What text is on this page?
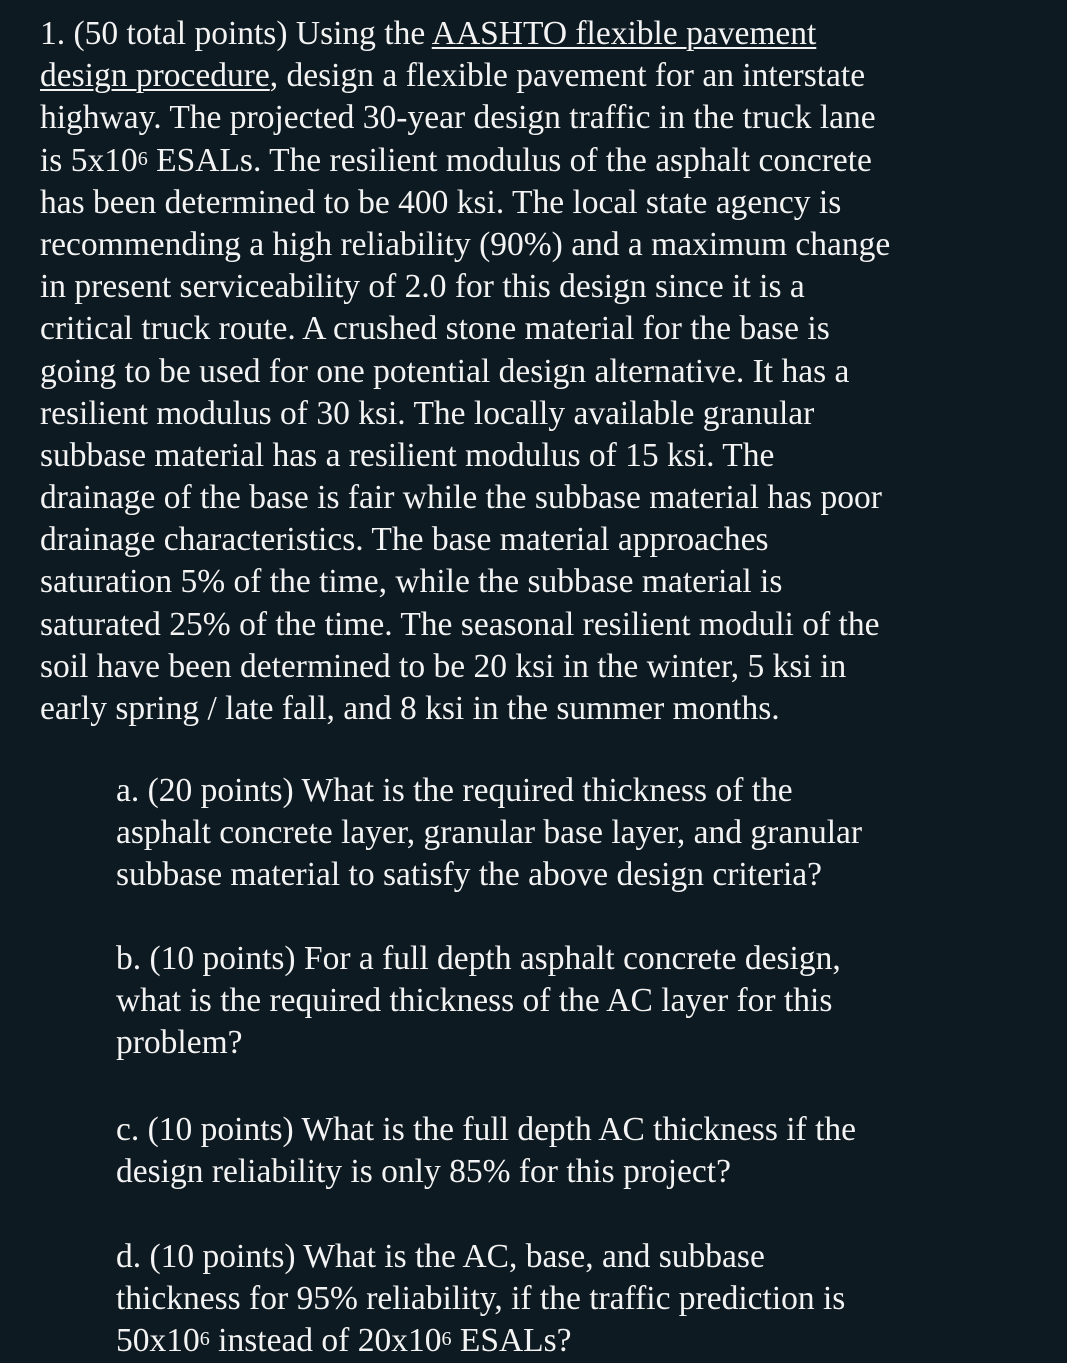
1. (50 total points) Using the AASHTO flexible pavement
design procedure, design a flexible pavement for an interstate
highway. The projected 30-year design traffic in the truck lane
is $5x10^6$ ESALs. The resilient modulus of the asphalt concrete
has been determined to be 400 ksi. The local state agency is
recommending a high reliability (90%) and a maximum change
in present serviceability of 2.0 for this design since it is a
critical truck route. A crushed stone material for the base is
going to be used for one potential design alternative. It has a
resilient modulus of 30 ksi. The locally available granular
subbase material has a resilient modulus of 15 ksi. The
drainage of the base is fair while the subbase material has poor
drainage characteristics. The base material approaches
saturation 5% of the time, while the subbase material is
saturated 25% of the time. The seasonal resilient moduli of the
soil have been determined to be 20 ksi in the winter, 5 ksi in
early spring / late fall, and 8 ksi in the summer months.
a. (20 points) What is the required thickness of the
asphalt concrete layer, granular base layer, and granular
subbase material to satisfy the above design criteria?
b. (10 points) For a full depth asphalt concrete design,
what is the required thickness of the AC layer for this
problem?
c. (10 points) What is the full depth AC thickness if the
design reliability is only 85% for this project?
d. (10 points) What is the AC, base, and subbase
thickness for 95% reliability, if the traffic prediction is
$50x10^6$ instead of $20x10^6$ ESALs?
